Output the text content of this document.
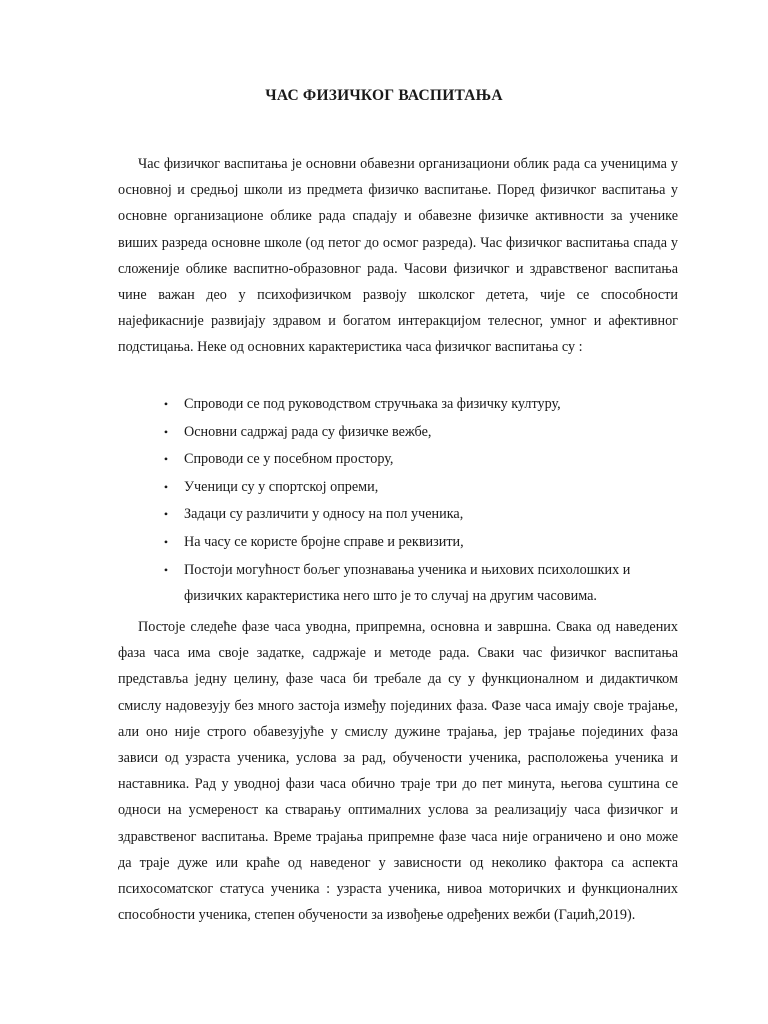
ЧАС ФИЗИЧКОГ ВАСПИТАЊА

Час физичког васпитања је основни обавезни организациони облик рада са ученицима у основној и средњој школи из предмета физичко васпитање. Поред физичког васпитања у основне организационе облике рада спадају и обавезне физичке активности за ученике виших разреда основне школе (од петог до осмог разреда). Час физичког васпитања спада у сложеније облике васпитно-образовног рада. Часови физичког и здравственог васпитања чине важан део у психофизичком развоју школског детета, чије се способности најефикасније развијају здравом и богатом интеракцијом телесног, умног и афективног подстицања. Неке од основних карактеристика часа физичког васпитања су :

• Спроводи се под руководством стручњака за физичку културу,
• Основни садржај рада су физичке вежбе,
• Спроводи се у посебном простору,
• Ученици су у спортској опреми,
• Задаци су различити у односу на пол ученика,
• На часу се користе бројне справе и реквизити,
• Постоји могућност бољег упознавања ученика и њихових психолошких и физичких карактеристика него што је то случај на другим часовима.

Постоје следеће фазе часа уводна, припремна, основна и завршна. Свака од наведених фаза часа има своје задатке, садржаје и методе рада. Сваки час физичког васпитања представља једну целину, фазе часа би требале да су у функционалном и дидактичком смислу надовезују без много застоја између појединих фаза. Фазе часа имају своје трајање, али оно није строго обавезујуће у смислу дужине трајања, јер трајање појединих фаза зависи од узраста ученика, услова за рад, обучености ученика, расположења ученика и наставника. Рад у уводној фази часа обично траје три до пет минута, његова суштина се односи на усмереност ка стварању оптималних услова за реализацију часа физичког и здравственог васпитања. Време трајања припремне фазе часа није ограничено и оно може да траје дуже или краће од наведеног у зависности од неколико фактора са аспекта психосоматског статуса ученика : узраста ученика, нивоа моторичких и функционалних способности ученика, степен обучености за извођење одређених вежби (Гаџић,2019).
